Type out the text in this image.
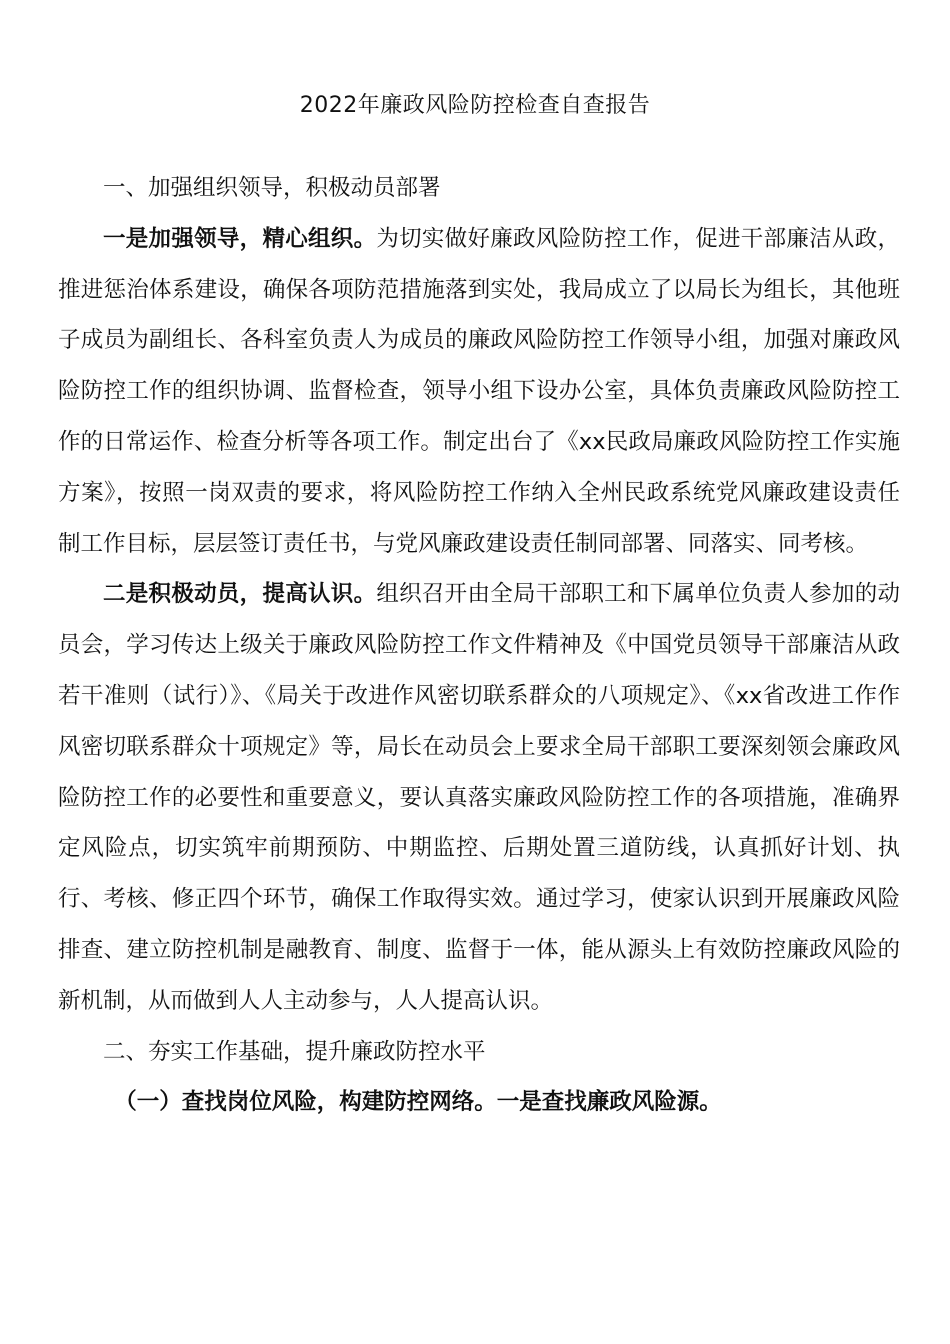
2022年廉政风险防控检查自查报告

一、加强组织领导，积极动员部署

一是加强领导，精心组织。为切实做好廉政风险防控工作，促进干部廉洁从政，推进惩治体系建设，确保各项防范措施落到实处，我局成立了以局长为组长，其他班子成员为副组长、各科室负责人为成员的廉政风险防控工作领导小组，加强对廉政风险防控工作的组织协调、监督检查，领导小组下设办公室，具体负责廉政风险防控工作的日常运作、检查分析等各项工作。制定出台了《xx民政局廉政风险防控工作实施方案》，按照一岗双责的要求，将风险防控工作纳入全州民政系统党风廉政建设责任制工作目标，层层签订责任书，与党风廉政建设责任制同部署、同落实、同考核。

二是积极动员，提高认识。组织召开由全局干部职工和下属单位负责人参加的动员会，学习传达上级关于廉政风险防控工作文件精神及《中国党员领导干部廉洁从政若干准则（试行）》、《局关于改进作风密切联系群众的八项规定》、《xx省改进工作作风密切联系群众十项规定》等，局长在动员会上要求全局干部职工要深刻领会廉政风险防控工作的必要性和重要意义，要认真落实廉政风险防控工作的各项措施，准确界定风险点，切实筑牢前期预防、中期监控、后期处置三道防线，认真抓好计划、执行、考核、修正四个环节，确保工作取得实效。通过学习，使家认识到开展廉政风险排查、建立防控机制是融教育、制度、监督于一体，能从源头上有效防控廉政风险的新机制，从而做到人人主动参与，人人提高认识。

二、夯实工作基础，提升廉政防控水平

（一）查找岗位风险，构建防控网络。一是查找廉政风险源。
